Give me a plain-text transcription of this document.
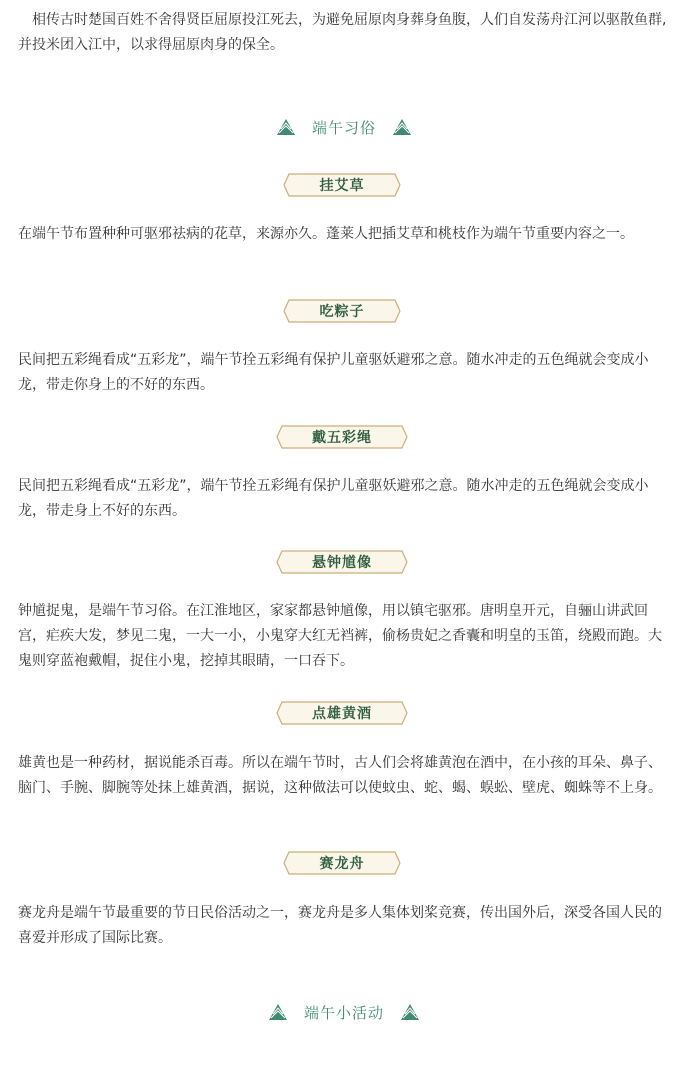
相传古时楚国百姓不舍得贤臣屈原投江死去，为避免屈原肉身葬身鱼腹，人们自发荡舟江河以驱散鱼群,并投米团入江中，以求得屈原肉身的保全。

端午习俗
挂艾草

在端午节布置种种可驱邪祛病的花草，来源亦久。蓬莱人把插艾草和桃枝作为端午节重要内容之一。

吃粽子

民间把五彩绳看成“五彩龙”，端午节拴五彩绳有保护儿童驱妖避邪之意。随水冲走的五色绳就会变成小龙，带走你身上的不好的东西。

戴五彩绳

民间把五彩绳看成“五彩龙”，端午节拴五彩绳有保护儿童驱妖避邪之意。随水冲走的五色绳就会变成小龙，带走身上不好的东西。

悬钟馗像

钟馗捉鬼，是端午节习俗。在江淮地区，家家都悬钟馗像，用以镇宅驱邪。唐明皇开元，自骊山讲武回宫，疟疾大发，梦见二鬼，一大一小，小鬼穿大红无裆裤，偷杨贵妃之香囊和明皇的玉笛，绕殿而跑。大鬼则穿蓝袍戴帽，捉住小鬼，挖掉其眼睛，一口吞下。

点雄黄酒

雄黄也是一种药材，据说能杀百毒。所以在端午节时，古人们会将雄黄泡在酒中，在小孩的耳朵、鼻子、脑门、手腕、脚腕等处抹上雄黄酒，据说，这种做法可以使蚊虫、蛇、蝎、蜈蚣、壁虎、蜘蛛等不上身。

赛龙舟

赛龙舟是端午节最重要的节日民俗活动之一，赛龙舟是多人集体划桨竞赛，传出国外后，深受各国人民的喜爱并形成了国际比赛。

端午小活动
